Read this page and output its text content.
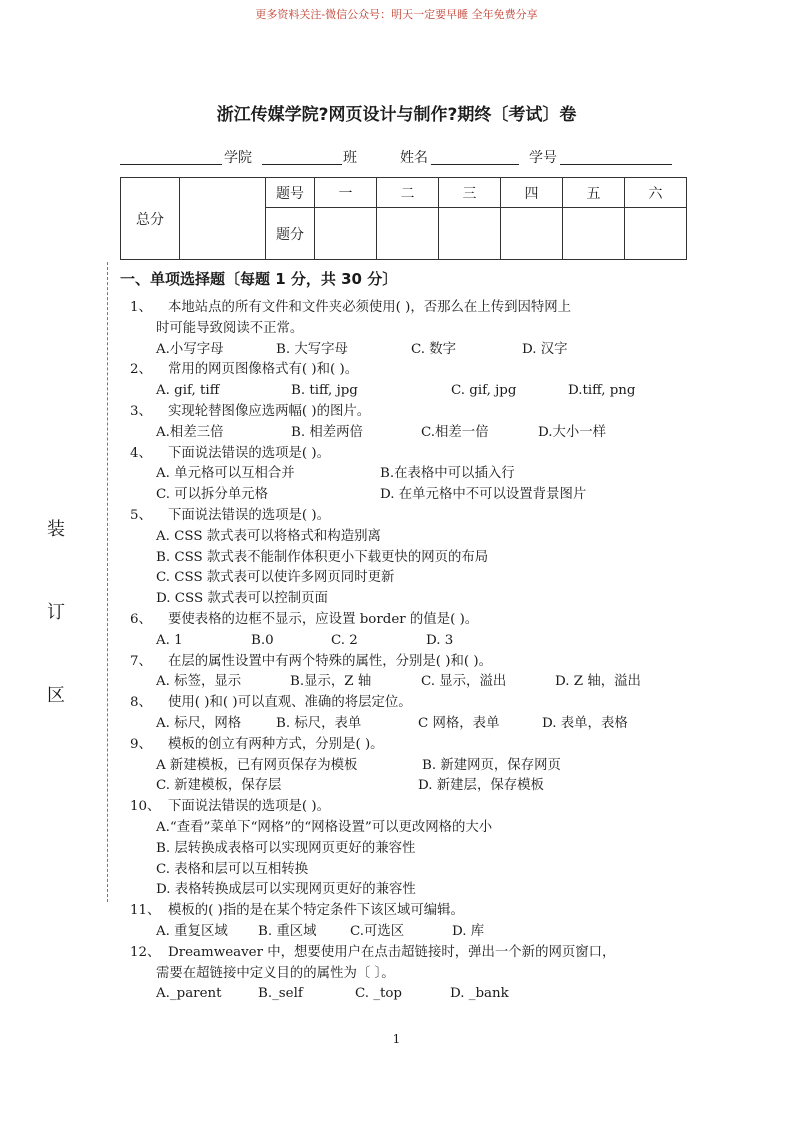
更多资料关注-微信公众号：明天一定要早睡 全年免费分享
浙江传媒学院?网页设计与制作?期终〔考试〕卷
学院	班	姓名	学号
总分		题号	一	二	三	四	五	六
		题分						
装
订
区
一、单项选择题〔每题 1 分，共 30 分〕
1、	本地站点的所有文件和文件夹必须使用( )，否那么在上传到因特网上
时可能导致阅读不正常。
A.小写字母	B. 大写字母	C. 数字	D. 汉字
2、	常用的网页图像格式有( )和( )。
A. gif, tiff	B. tiff, jpg	C. gif, jpg	D.tiff, png
3、	实现轮替图像应选两幅( )的图片。
A.相差三倍	B. 相差两倍	C.相差一倍	D.大小一样
4、	下面说法错误的选项是( )。
A. 单元格可以互相合并	B.在表格中可以插入行
C. 可以拆分单元格	D. 在单元格中不可以设置背景图片
5、	下面说法错误的选项是( )。
A. CSS 款式表可以将格式和构造别离
B. CSS 款式表不能制作体积更小下载更快的网页的布局
C. CSS 款式表可以使许多网页同时更新
D. CSS 款式表可以控制页面
6、	要使表格的边框不显示，应设置 border 的值是( )。
A. 1	B.0	C. 2	D. 3
7、	在层的属性设置中有两个特殊的属性，分别是( )和( )。
A. 标签，显示	B.显示，Z 轴	C. 显示，溢出	D. Z 轴，溢出
8、	使用( )和( )可以直观、准确的将层定位。
A. 标尺，网格	B. 标尺，表单	C 网格，表单	D. 表单，表格
9、	模板的创立有两种方式，分别是( )。
A 新建模板，已有网页保存为模板	B. 新建网页，保存网页
C. 新建模板，保存层	D. 新建层，保存模板
10、 下面说法错误的选项是( )。
A.“查看”菜单下“网格”的“网格设置”可以更改网格的大小
B. 层转换成表格可以实现网页更好的兼容性
C. 表格和层可以互相转换
D. 表格转换成层可以实现网页更好的兼容性
11、 模板的( )指的是在某个特定条件下该区域可编辑。
A. 重复区域 B. 重区域 C.可选区	D. 库
12、 Dreamweaver 中，想要使用户在点击超链接时，弹出一个新的网页窗口，
需要在超链接中定义目的的属性为〔 〕。
A._parent	B._self	C. _top	D. _bank
1
